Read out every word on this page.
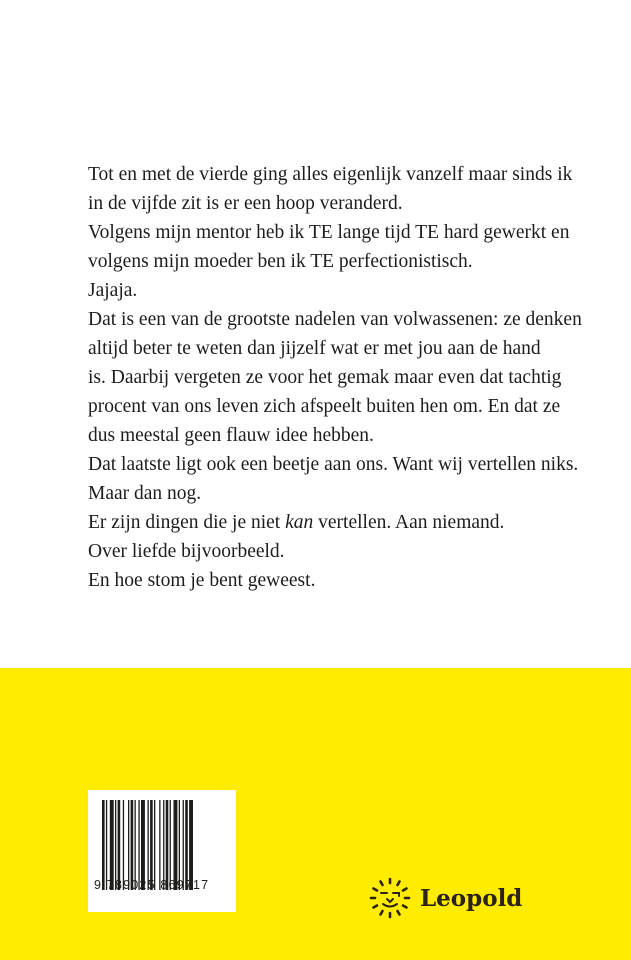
Tot en met de vierde ging alles eigenlijk vanzelf maar sinds ik
in de vijfde zit is er een hoop veranderd.
Volgens mijn mentor heb ik TE lange tijd TE hard gewerkt en
volgens mijn moeder ben ik TE perfectionistisch.
Jajaja.
Dat is een van de grootste nadelen van volwassenen: ze denken
altijd beter te weten dan jijzelf wat er met jou aan de hand
is. Daarbij vergeten ze voor het gemak maar even dat tachtig
procent van ons leven zich afspeelt buiten hen om. En dat ze
dus meestal geen flauw idee hebben.
Dat laatste ligt ook een beetje aan ons. Want wij vertellen niks.
Maar dan nog.
Er zijn dingen die je niet kan vertellen. Aan niemand.
Over liefde bijvoorbeeld.
En hoe stom je bent geweest.
9 789025 869717	Leopold
